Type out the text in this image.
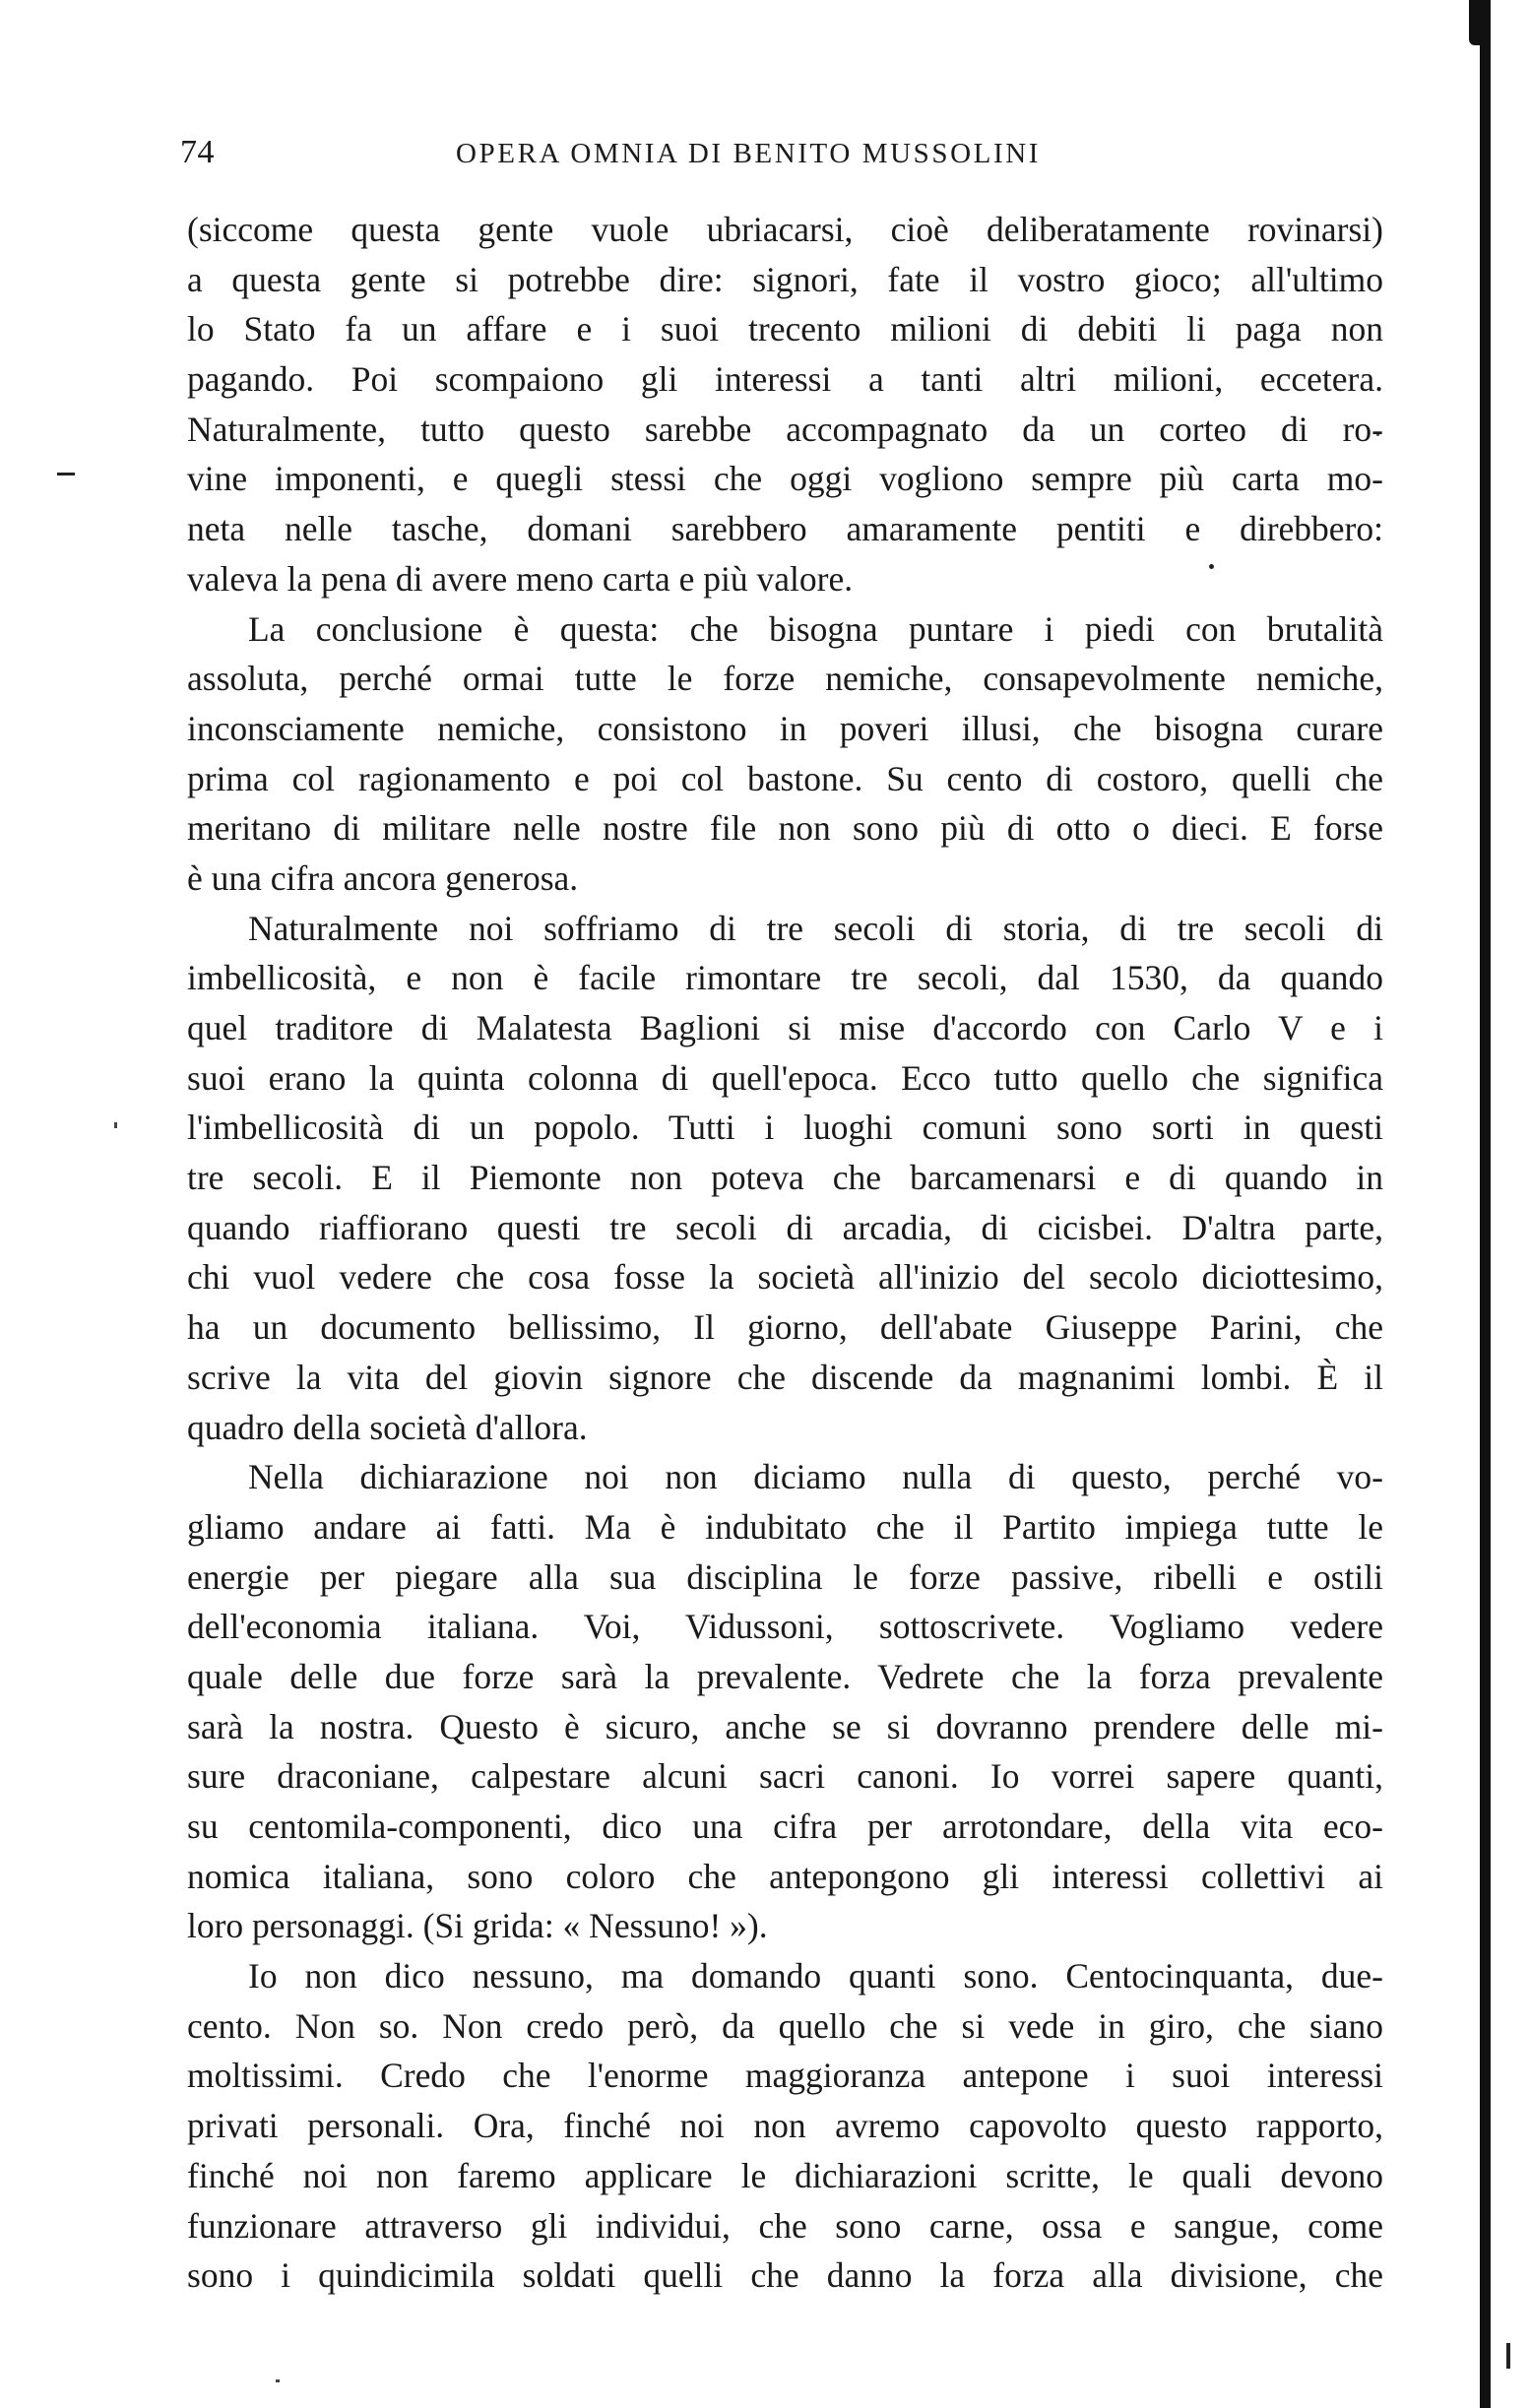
74	OPERA OMNIA DI BENITO MUSSOLINI
(siccome questa gente vuole ubriacarsi, cioè deliberatamente rovinarsi)
a questa gente si potrebbe dire: signori, fate il vostro gioco; all'ultimo
lo Stato fa un affare e i suoi trecento milioni di debiti li paga non
pagando. Poi scompaiono gli interessi a tanti altri milioni, eccetera.
Naturalmente, tutto questo sarebbe accompagnato da un corteo di ro-
vine imponenti, e quegli stessi che oggi vogliono sempre più carta mo-
neta nelle tasche, domani sarebbero amaramente pentiti e direbbero:
valeva la pena di avere meno carta e più valore.
La conclusione è questa: che bisogna puntare i piedi con brutalità
assoluta, perché ormai tutte le forze nemiche, consapevolmente nemiche,
inconsciamente nemiche, consistono in poveri illusi, che bisogna curare
prima col ragionamento e poi col bastone. Su cento di costoro, quelli che
meritano di militare nelle nostre file non sono più di otto o dieci. E forse
è una cifra ancora generosa.
Naturalmente noi soffriamo di tre secoli di storia, di tre secoli di
imbellicosità, e non è facile rimontare tre secoli, dal 1530, da quando
quel traditore di Malatesta Baglioni si mise d'accordo con Carlo V e i
suoi erano la quinta colonna di quell'epoca. Ecco tutto quello che significa
l'imbellicosità di un popolo. Tutti i luoghi comuni sono sorti in questi
tre secoli. E il Piemonte non poteva che barcamenarsi e di quando in
quando riaffiorano questi tre secoli di arcadia, di cicisbei. D'altra parte,
chi vuol vedere che cosa fosse la società all'inizio del secolo diciottesimo,
ha un documento bellissimo, Il giorno, dell'abate Giuseppe Parini, che
scrive la vita del giovin signore che discende da magnanimi lombi. È il
quadro della società d'allora.
Nella dichiarazione noi non diciamo nulla di questo, perché vo-
gliamo andare ai fatti. Ma è indubitato che il Partito impiega tutte le
energie per piegare alla sua disciplina le forze passive, ribelli e ostili
dell'economia italiana. Voi, Vidussoni, sottoscrivete. Vogliamo vedere
quale delle due forze sarà la prevalente. Vedrete che la forza prevalente
sarà la nostra. Questo è sicuro, anche se si dovranno prendere delle mi-
sure draconiane, calpestare alcuni sacri canoni. Io vorrei sapere quanti,
su centomila-componenti, dico una cifra per arrotondare, della vita eco-
nomica italiana, sono coloro che antepongono gli interessi collettivi ai
loro personaggi. (Si grida: « Nessuno! »).
Io non dico nessuno, ma domando quanti sono. Centocinquanta, due-
cento. Non so. Non credo però, da quello che si vede in giro, che siano
moltissimi. Credo che l'enorme maggioranza antepone i suoi interessi
privati personali. Ora, finché noi non avremo capovolto questo rapporto,
finché noi non faremo applicare le dichiarazioni scritte, le quali devono
funzionare attraverso gli individui, che sono carne, ossa e sangue, come
sono i quindicimila soldati quelli che danno la forza alla divisione, che
